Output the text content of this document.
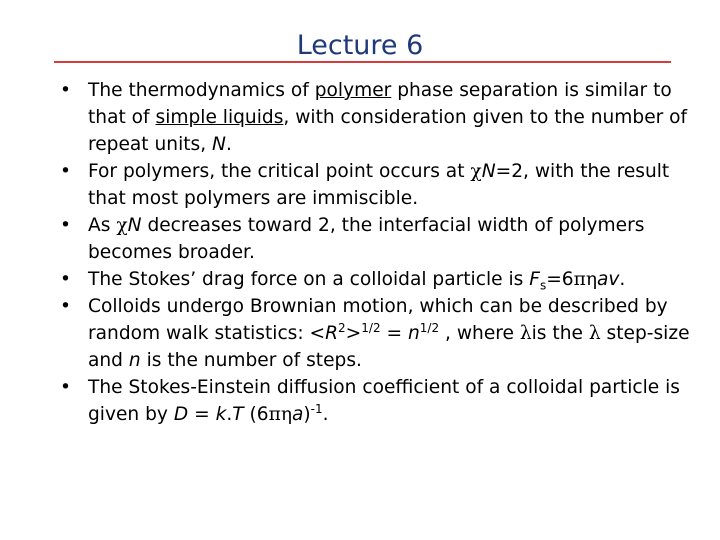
Lecture 6
• The thermodynamics of polymer phase separation is similar to that of simple liquids, with consideration given to the number of repeat units, N.
• For polymers, the critical point occurs at χN=2, with the result that most polymers are immiscible.
• As χN decreases toward 2, the interfacial width of polymers becomes broader.
• The Stokes’ drag force on a colloidal particle is $F_s=6\pi\eta av$.
• Colloids undergo Brownian motion, which can be described by random walk statistics: $<R^2>^{1/2} = n^{1/2}$ , where λis the λ step-size and n is the number of steps.
• The Stokes-Einstein diffusion coefficient of a colloidal particle is given by D = k.T $(6\pi\eta a)^{-1}$.
